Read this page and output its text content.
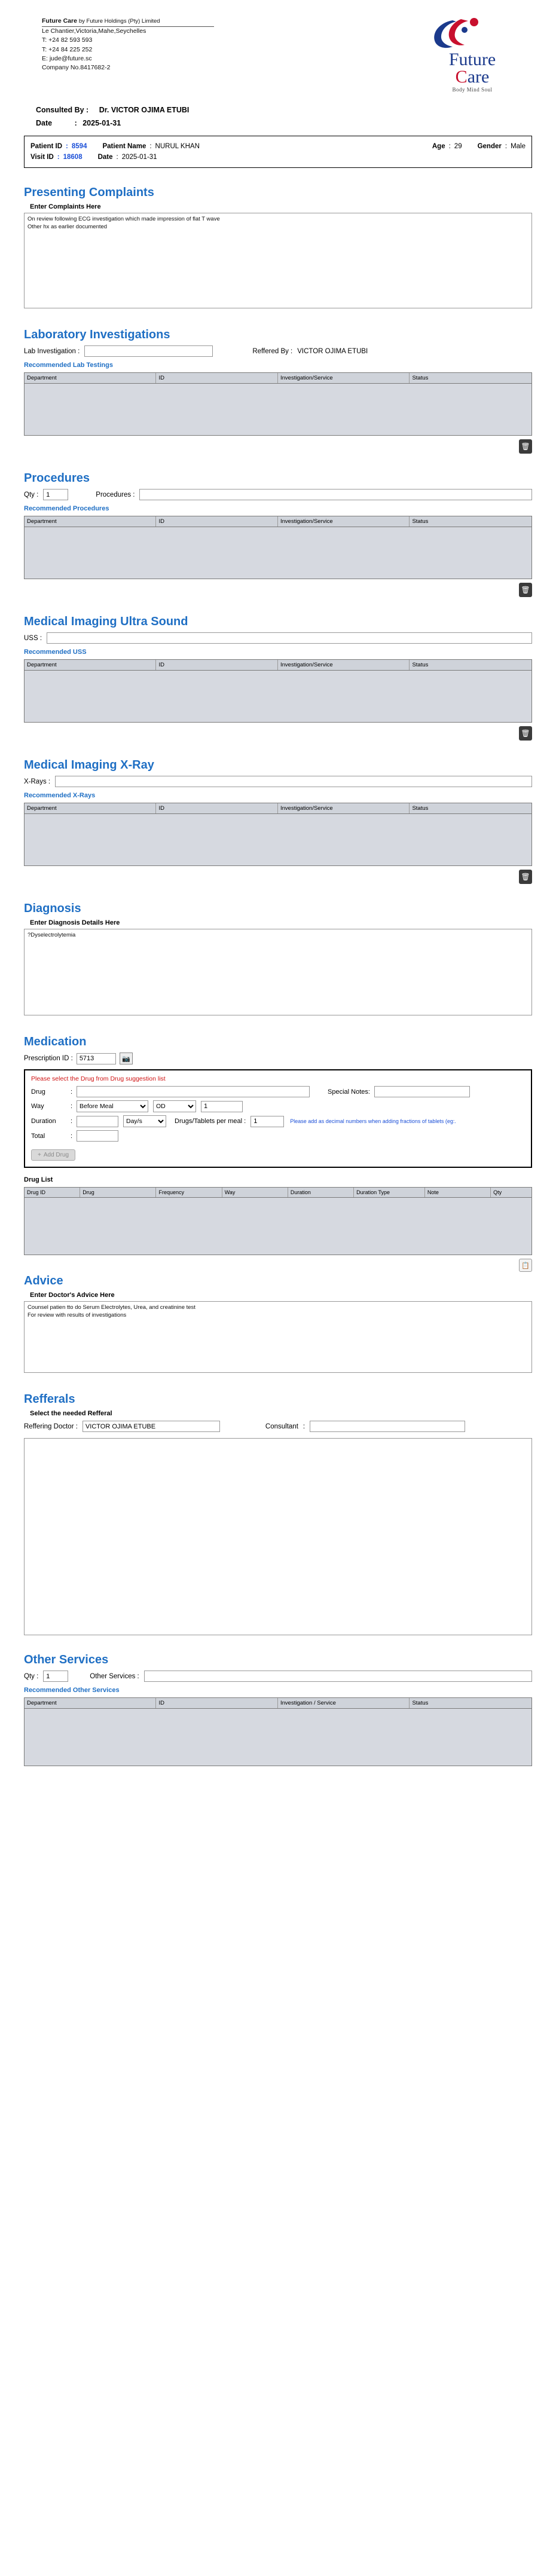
Future Care by Future Holdings (Pty) Limited
Le Chantier,Victoria,Mahe,Seychelles
T: +24 82 593 593
T: +24 84 225 252
E: jude@future.sc
Company No.8417682-2	Future
Care
Body Mind Soul
Consulted By : Dr. VICTOR OJIMA ETUBI
Date	: 2025-01-31
Patient ID : 8594 Patient Name : NURUL KHAN	Age : 29 Gender : Male
Visit ID : 18608 Date : 2025-01-31
Presenting Complaints
Enter Complaints Here
On review following ECG investigation which made impression of flat T wave Other hx as earlier documented
Laboratory Investigations
Lab Investigation :	Reffered By : VICTOR OJIMA ETUBI
Recommended Lab Testings
Department	ID	Investigation/Service	Status
🗑
Procedures
Qty :
1	Procedures :
Recommended Procedures
Department	ID	Investigation/Service	Status
🗑
Medical Imaging Ultra Sound
USS :
Recommended USS
Department	ID	Investigation/Service	Status
🗑
Medical Imaging X-Ray
X-Rays :
Recommended X-Rays
Department	ID	Investigation/Service	Status
🗑
Diagnosis
Enter Diagnosis Details Here
?Dyselectrolytemia
Medication
Prescription ID :
5713	📷
Please select the Drug from Drug suggestion list
Drug	:	Special Notes :
Way	:
Before Meal
OD
1
Duration	:
Day/s	Drugs/Tablets per meal :
1	Please add as decimal numbers when adding fractions of tablets (eg:.
Total	:
+ Add Drug
Drug List
Drug ID	Drug	Frequency	Way	Duration	Duration Type	Note	Qty
📋
Advice
Enter Doctor's Advice Here
Counsel patien tto do Serum Electrolytes, Urea, and creatinine test For review with results of investigations
Refferals
Select the needed Refferal
Reffering Doctor :
VICTOR OJIMA ETUBE	Consultant :
Other Services
Qty :
1	Other Services :
Recommended Other Services
Department	ID	Investigation / Service	Status
